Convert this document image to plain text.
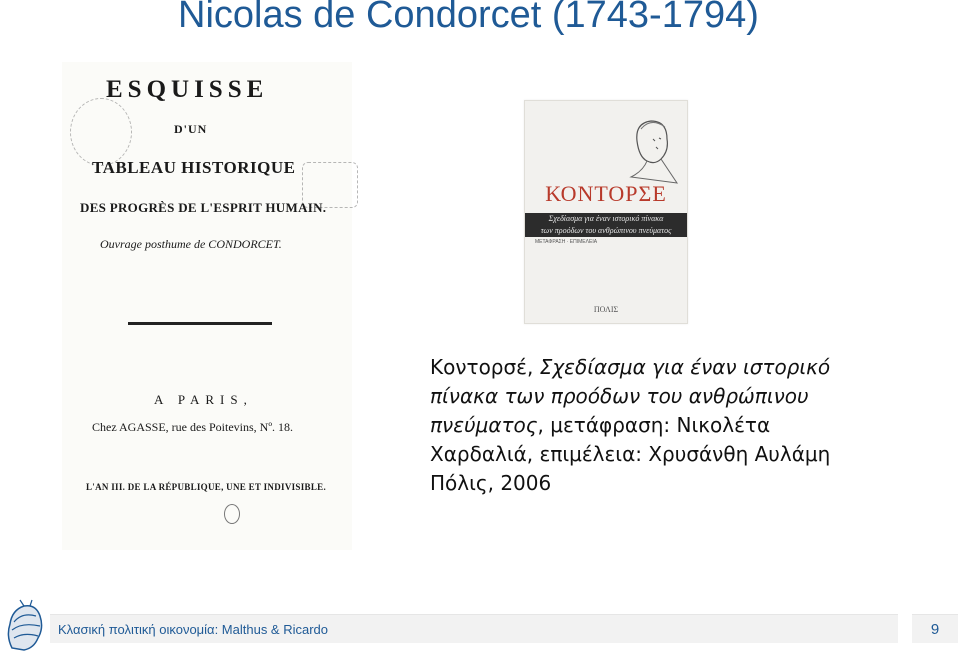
Nicolas de Condorcet (1743-1794)
ESQUISSE
D'UN
TABLEAU HISTORIQUE
DES PROGRÈS DE L'ESPRIT HUMAIN.
Ouvrage posthume de CONDORCET.
A PARIS,
Chez AGASSE, rue des Poitevins, Nº. 18.
L'AN III. DE LA RÉPUBLIQUE, UNE ET INDIVISIBLE.
ΚΟΝΤΟΡΣΕ
Σχεδίασμα για έναν ιστορικό πίνακα
των προόδων του ανθρώπινου πνεύματος
ΜΕΤΑΦΡΑΣΗ · ΕΠΙΜΕΛΕΙΑ
ΠΟΛΙΣ
Κοντορσέ, Σχεδίασμα για έναν ιστορικό
πίνακα των προόδων του ανθρώπινου
πνεύματος, μετάφραση: Νικολέτα
Χαρδαλιά, επιμέλεια: Χρυσάνθη Αυλάμη
Πόλις, 2006
Κλασική πολιτική οικονομία: Malthus & Ricardo	9
